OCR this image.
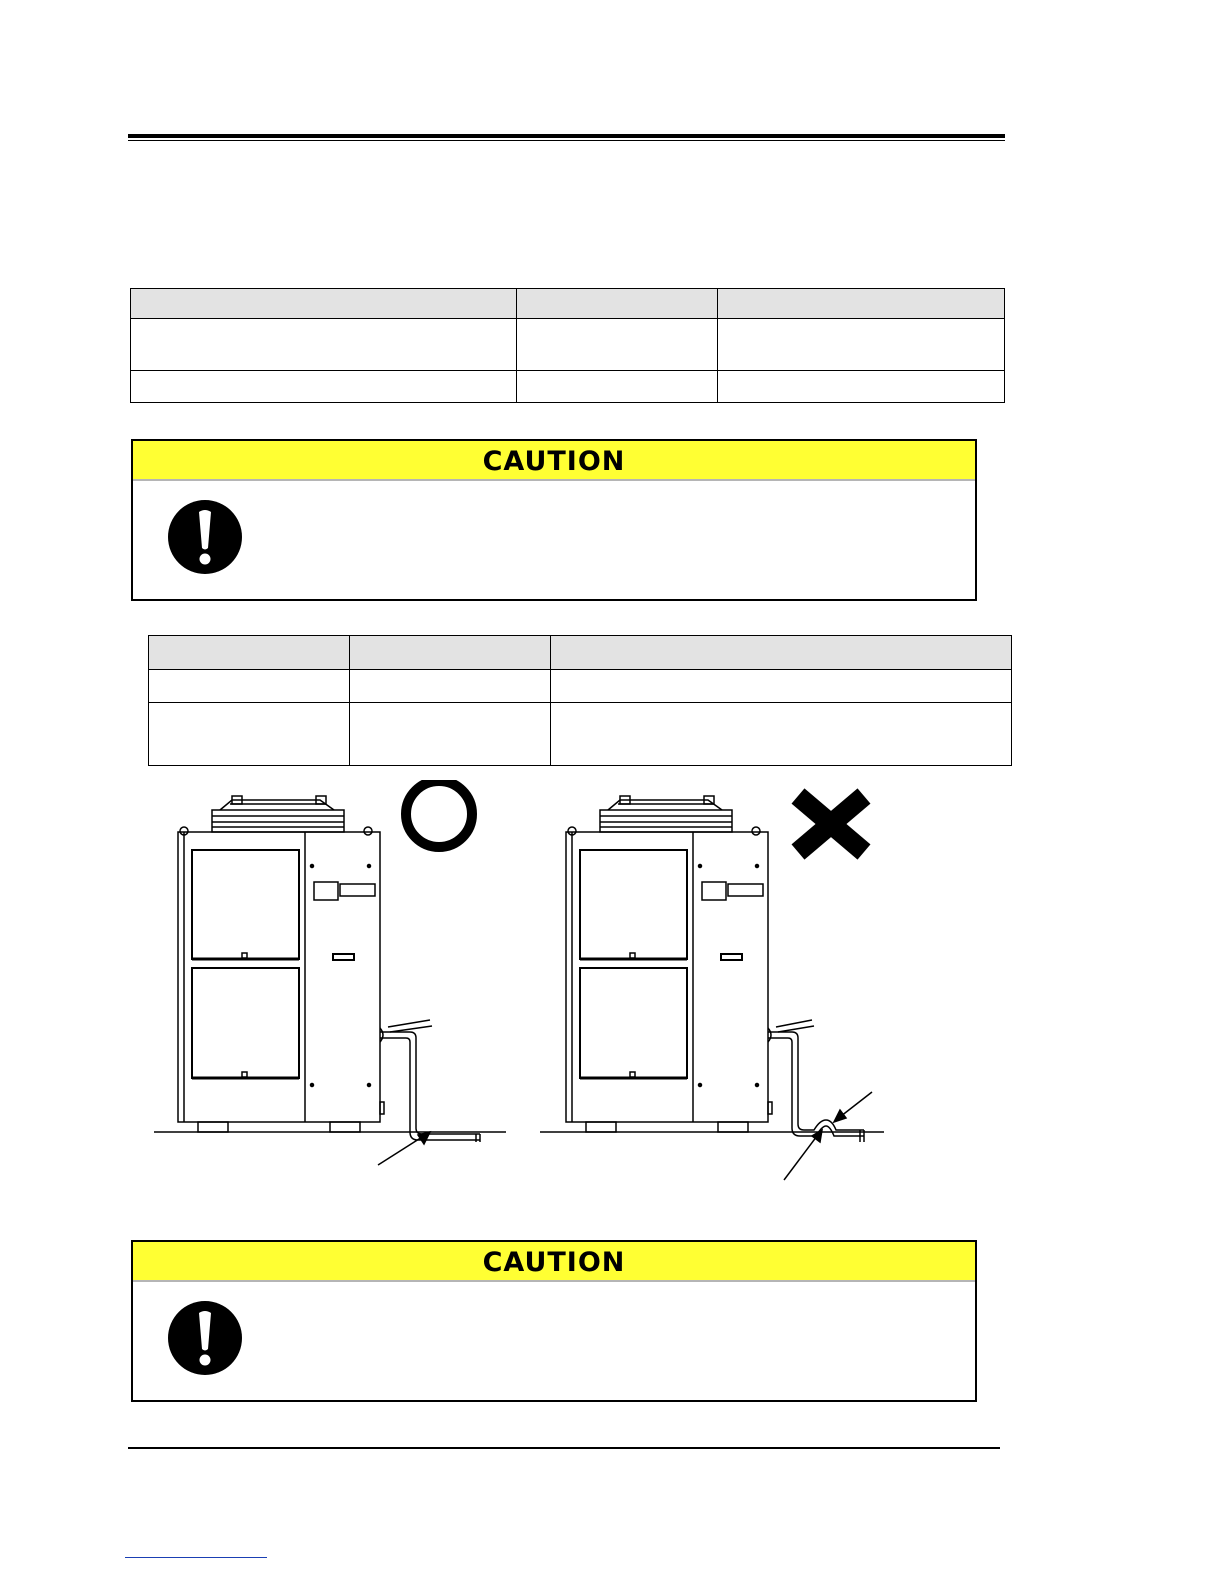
CAUTION

CAUTION
